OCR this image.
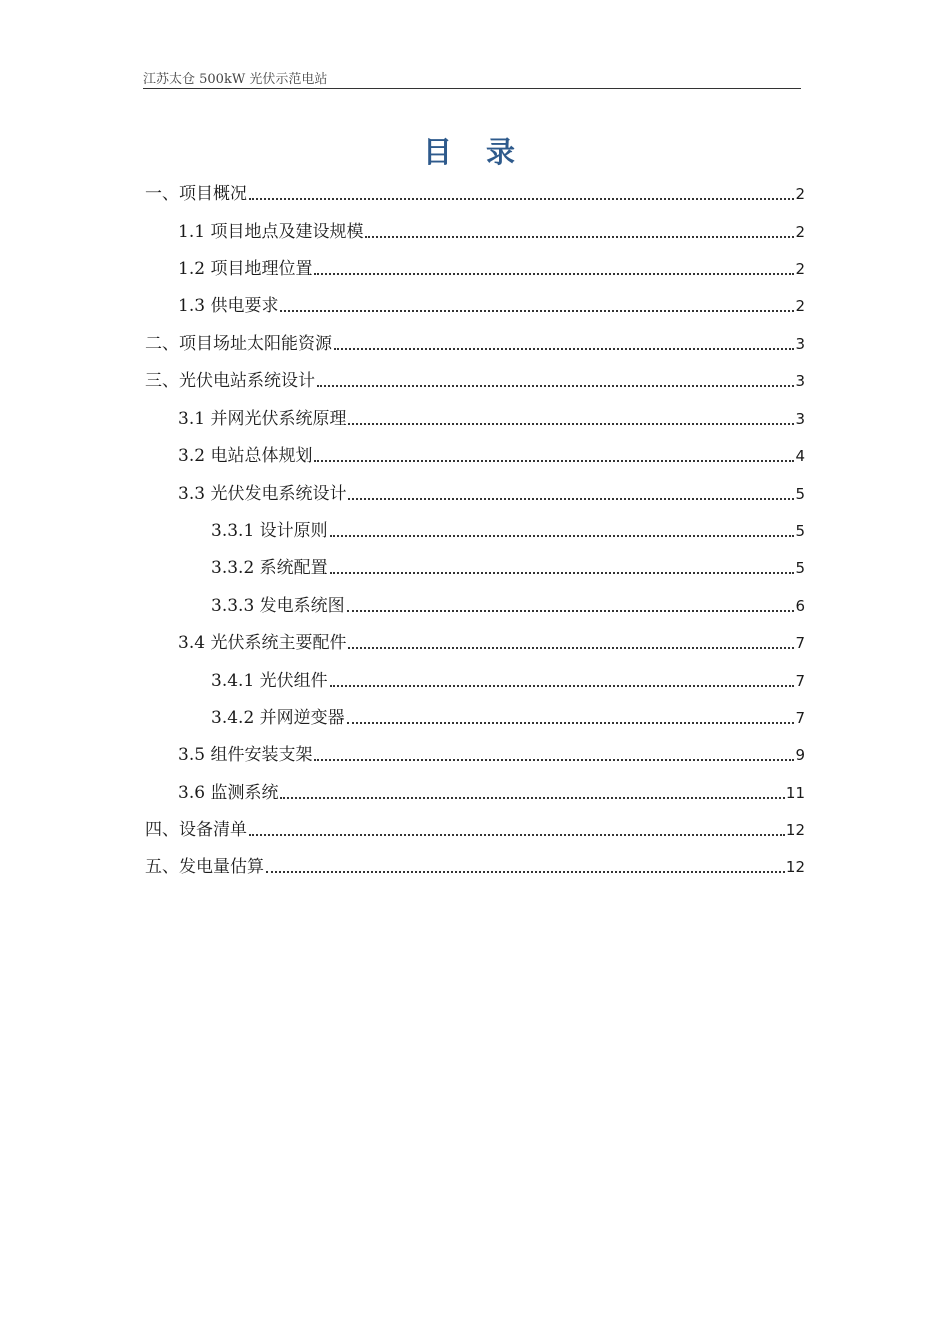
江苏太仓 500kW 光伏示范电站
目 录
一、项目概况	2
1.1 项目地点及建设规模	2
1.2 项目地理位置	2
1.3 供电要求	2
二、项目场址太阳能资源	3
三、光伏电站系统设计	3
3.1 并网光伏系统原理	3
3.2 电站总体规划	4
3.3 光伏发电系统设计	5
3.3.1 设计原则	5
3.3.2 系统配置	5
3.3.3 发电系统图	6
3.4 光伏系统主要配件	7
3.4.1 光伏组件	7
3.4.2 并网逆变器	7
3.5 组件安装支架	9
3.6 监测系统	11
四、设备清单	12
五、发电量估算	12
